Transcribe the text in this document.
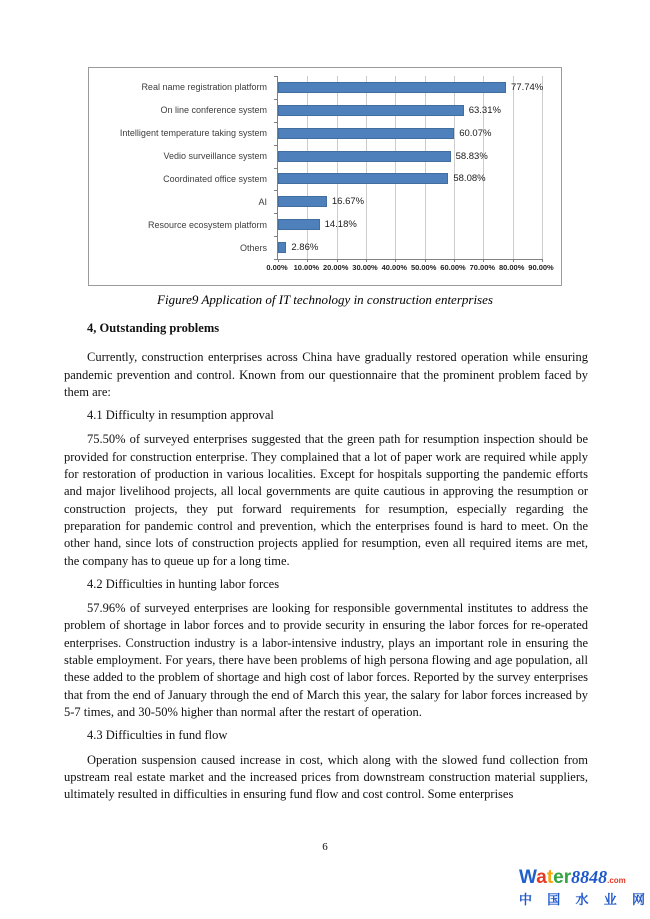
Real name registration platform
On line conference system
Intelligent temperature taking system
Vedio surveillance system
Coordinated office system
AI
Resource ecosystem platform
Others
77.74%
63.31%
60.07%
58.83%
58.08%
16.67%
14.18%
2.86%
0.00% 10.00% 20.00% 30.00% 40.00% 50.00% 60.00% 70.00% 80.00% 90.00%
Figure9 Application of IT technology in construction enterprises
4, Outstanding problems

Currently, construction enterprises across China have gradually restored operation while ensuring pandemic prevention and control. Known from our questionnaire that the prominent problem faced by them are:

4.1 Difficulty in resumption approval

75.50% of surveyed enterprises suggested that the green path for resumption inspection should be provided for construction enterprise. They complained that a lot of paper work are required while apply for restoration of production in various localities. Except for hospitals supporting the pandemic efforts and major livelihood projects, all local governments are quite cautious in approving the resumption or construction projects, they put forward requirements for resumption, especially regarding the preparation for pandemic control and prevention, which the enterprises found is hard to meet. On the other hand, since lots of construction projects applied for resumption, even all required items are met, the company has to queue up for a long time.

4.2 Difficulties in hunting labor forces

57.96% of surveyed enterprises are looking for responsible governmental institutes to address the problem of shortage in labor forces and to provide security in ensuring the labor forces for re-operated enterprises. Construction industry is a labor-intensive industry, plays an important role in ensuring the stable employment. For years, there have been problems of high persona flowing and age population, all these added to the problem of shortage and high cost of labor forces. Reported by the survey enterprises that from the end of January through the end of March this year, the salary for labor forces increased by 5-7 times, and 30-50% higher than normal after the restart of operation.

4.3 Difficulties in fund flow

Operation suspension caused increase in cost, which along with the slowed fund collection from upstream real estate market and the increased prices from downstream construction material suppliers, ultimately resulted in difficulties in ensuring fund flow and cost control. Some enterprises

6
Water8848.com
中 国 水 业 网
